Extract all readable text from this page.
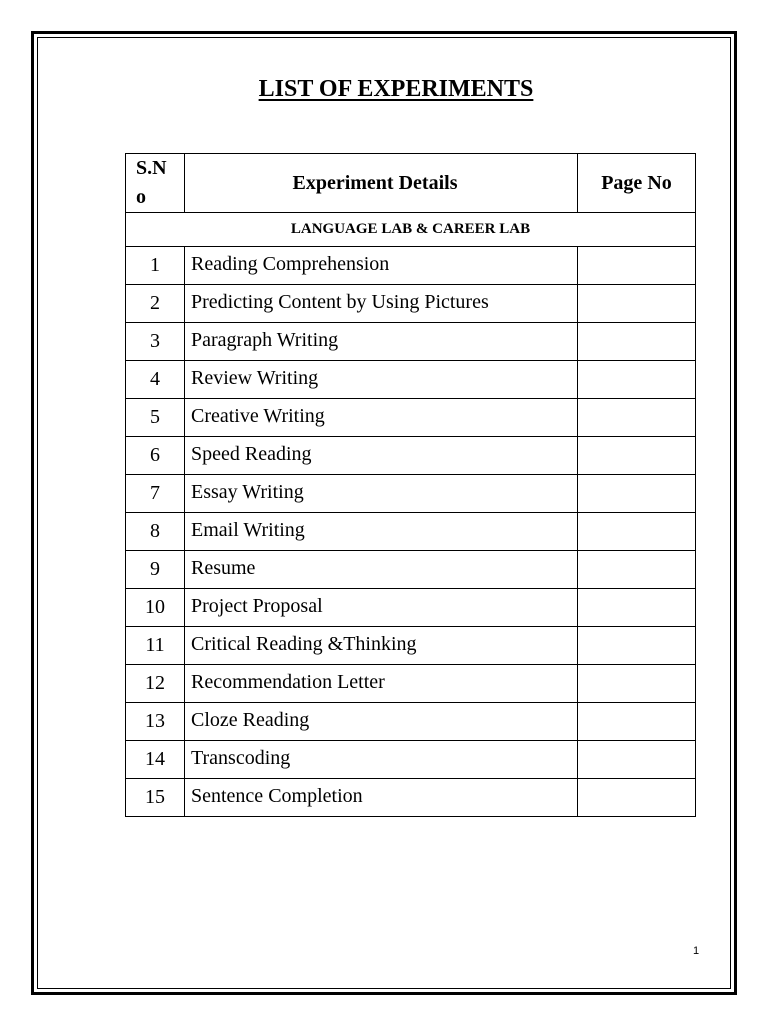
LIST OF EXPERIMENTS
S.No	Experiment Details	Page No
LANGUAGE LAB & CAREER LAB		
1	Reading Comprehension	
2	Predicting Content by Using Pictures	
3	Paragraph Writing	
4	Review Writing	
5	Creative Writing	
6	Speed Reading	
7	Essay Writing	
8	Email Writing	
9	Resume	
10	Project Proposal	
11	Critical Reading &Thinking	
12	Recommendation Letter	
13	Cloze Reading	
14	Transcoding	
15	Sentence Completion	
1
